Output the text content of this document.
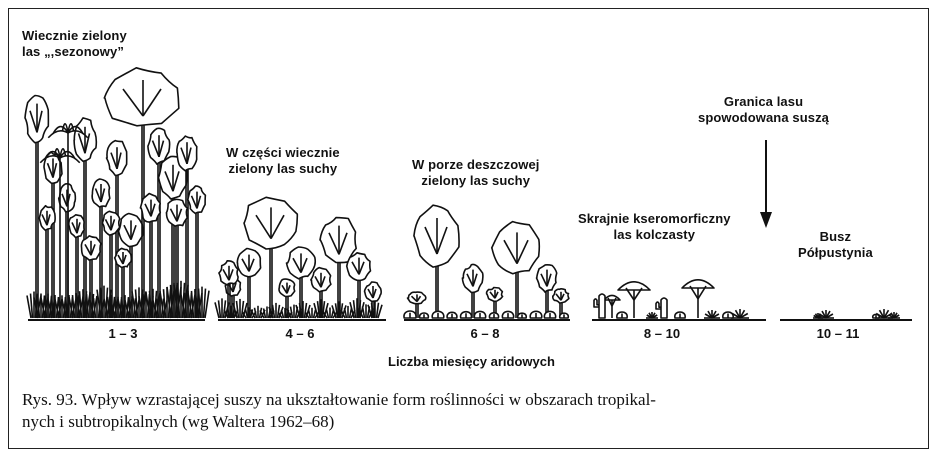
Wiecznie zielony
las „,sezonowy”
W części wiecznie
zielony las suchy	W porze deszczowej
zielony las suchy
Skrajnie kseromorficzny
las kolczasty	Busz
Półpustynia
Granica lasu
spowodowana suszą
1 – 3	4 – 6	6 – 8	8 – 10	10 – 11
Liczba miesięcy aridowych
Rys. 93. Wpływ wzrastającej suszy na ukształtowanie form roślinności w obszarach tropikal-
nych i subtropikalnych (wg Waltera 1962–68)
